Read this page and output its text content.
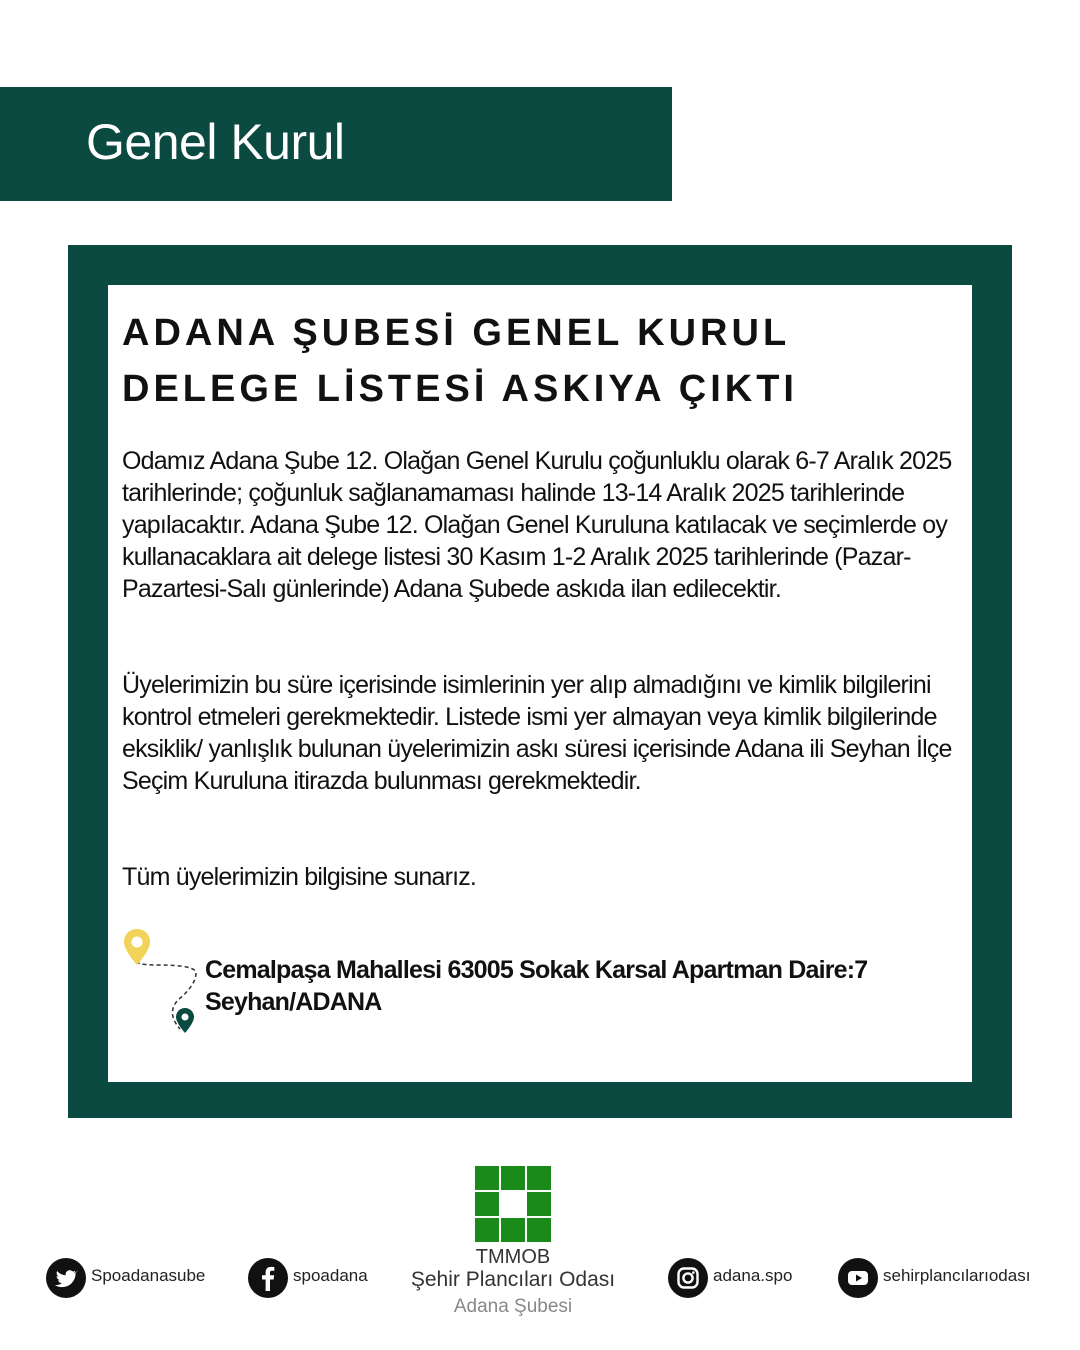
Genel Kurul
ADANA ŞUBESİ GENEL KURUL
DELEGE LİSTESİ ASKIYA ÇIKTI

Odamız Adana Şube 12. Olağan Genel Kurulu çoğunluklu olarak 6-7 Aralık 2025 tarihlerinde; çoğunluk sağlanamaması halinde 13-14 Aralık 2025 tarihlerinde yapılacaktır. Adana Şube 12. Olağan Genel Kuruluna katılacak ve seçimlerde oy kullanacaklara ait delege listesi 30 Kasım 1-2 Aralık 2025 tarihlerinde (Pazar-Pazartesi-Salı günlerinde) Adana Şubede askıda ilan edilecektir.

Üyelerimizin bu süre içerisinde isimlerinin yer alıp almadığını ve kimlik bilgilerini kontrol etmeleri gerekmektedir. Listede ismi yer almayan veya kimlik bilgilerinde eksiklik/ yanlışlık bulunan üyelerimizin askı süresi içerisinde Adana ili Seyhan İlçe Seçim Kuruluna itirazda bulunması gerekmektedir.

Tüm üyelerimizin bilgisine sunarız.

Cemalpaşa Mahallesi 63005 Sokak Karsal Apartman Daire:7 Seyhan/ADANA

TMMOB
Şehir Plancıları Odası
Adana Şubesi
Spoadanasube	spoadana	adana.spo	sehirplancılarıodası
